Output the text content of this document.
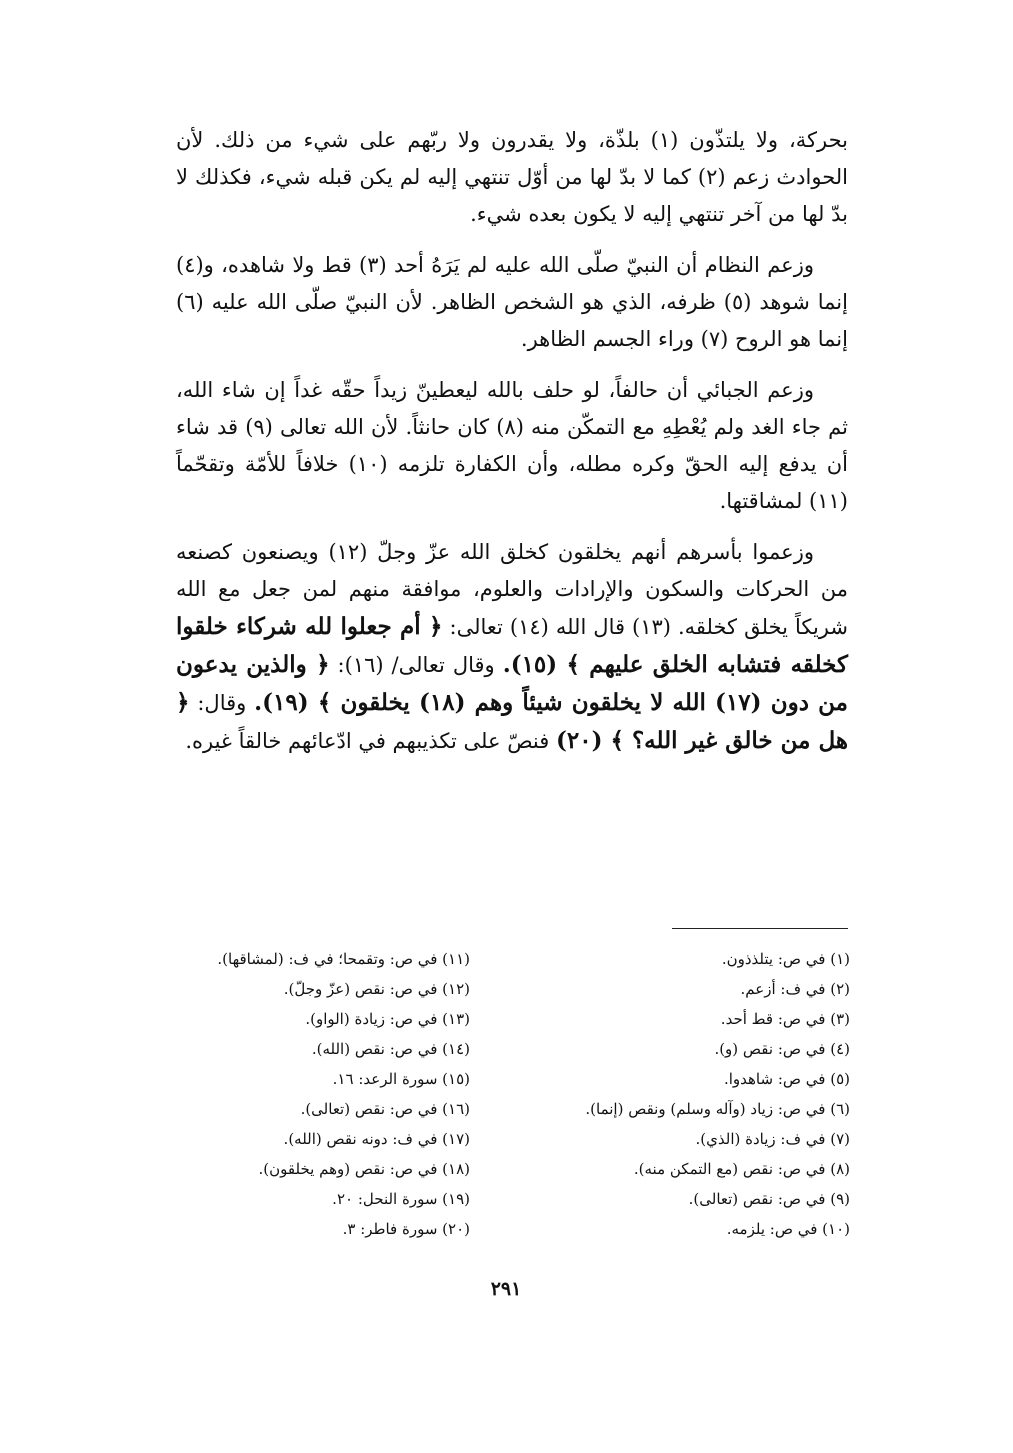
بحركة، ولا يلتذّون (١) بلذّة، ولا يقدرون ولا ربّهم على شيء من ذلك. لأن الحوادث زعم (٢) كما لا بدّ لها من أوّل تنتهي إليه لم يكن قبله شيء، فكذلك لا بدّ لها من آخر تنتهي إليه لا يكون بعده شيء.

وزعم النظام أن النبيّ صلّى الله عليه لم يَرَهُ أحد (٣) قط ولا شاهده، و(٤) إنما شوهد (٥) ظرفه، الذي هو الشخص الظاهر. لأن النبيّ صلّى الله عليه (٦) إنما هو الروح (٧) وراء الجسم الظاهر.

وزعم الجبائي أن حالفاً، لو حلف بالله ليعطينّ زيداً حقّه غداً إن شاء الله، ثم جاء الغد ولم يُعْطِهِ مع التمكّن منه (٨) كان حانثاً. لأن الله تعالى (٩) قد شاء أن يدفع إليه الحقّ وكره مطله، وأن الكفارة تلزمه (١٠) خلافاً للأمّة وتقحّماً (١١) لمشاقتها.

وزعموا بأسرهم أنهم يخلقون كخلق الله عزّ وجلّ (١٢) ويصنعون كصنعه من الحركات والسكون والإرادات والعلوم، موافقة منهم لمن جعل مع الله شريكاً يخلق كخلقه. (١٣) قال الله (١٤) تعالى: ﴿ أم جعلوا لله شركاء خلقوا كخلقه فتشابه الخلق عليهم ﴾ (١٥). وقال تعالى/ (١٦): ﴿ والذين يدعون من دون (١٧) الله لا يخلقون شيئاً وهم (١٨) يخلقون ﴾ (١٩). وقال: ﴿ هل من خالق غير الله؟ ﴾ (٢٠) فنصّ على تكذيبهم في ادّعائهم خالقاً غيره.

(١) في ص: يتلذذون.
(٢) في ف: أزعم.
(٣) في ص: قط أحد.
(٤) في ص: نقص (و).
(٥) في ص: شاهدوا.
(٦) في ص: زياد (وآله وسلم) ونقص (إنما).
(٧) في ف: زيادة (الذي).
(٨) في ص: نقص (مع التمكن منه).
(٩) في ص: نقص (تعالى).
(١٠) في ص: يلزمه.
(١١) في ص: وتقمحا؛ في ف: (لمشاقها).
(١٢) في ص: نقص (عزّ وجلّ).
(١٣) في ص: زيادة (الواو).
(١٤) في ص: نقص (الله).
(١٥) سورة الرعد: ١٦.
(١٦) في ص: نقص (تعالى).
(١٧) في ف: دونه نقص (الله).
(١٨) في ص: نقص (وهم يخلقون).
(١٩) سورة النحل: ٢٠.
(٢٠) سورة فاطر: ٣.
٢٩١
